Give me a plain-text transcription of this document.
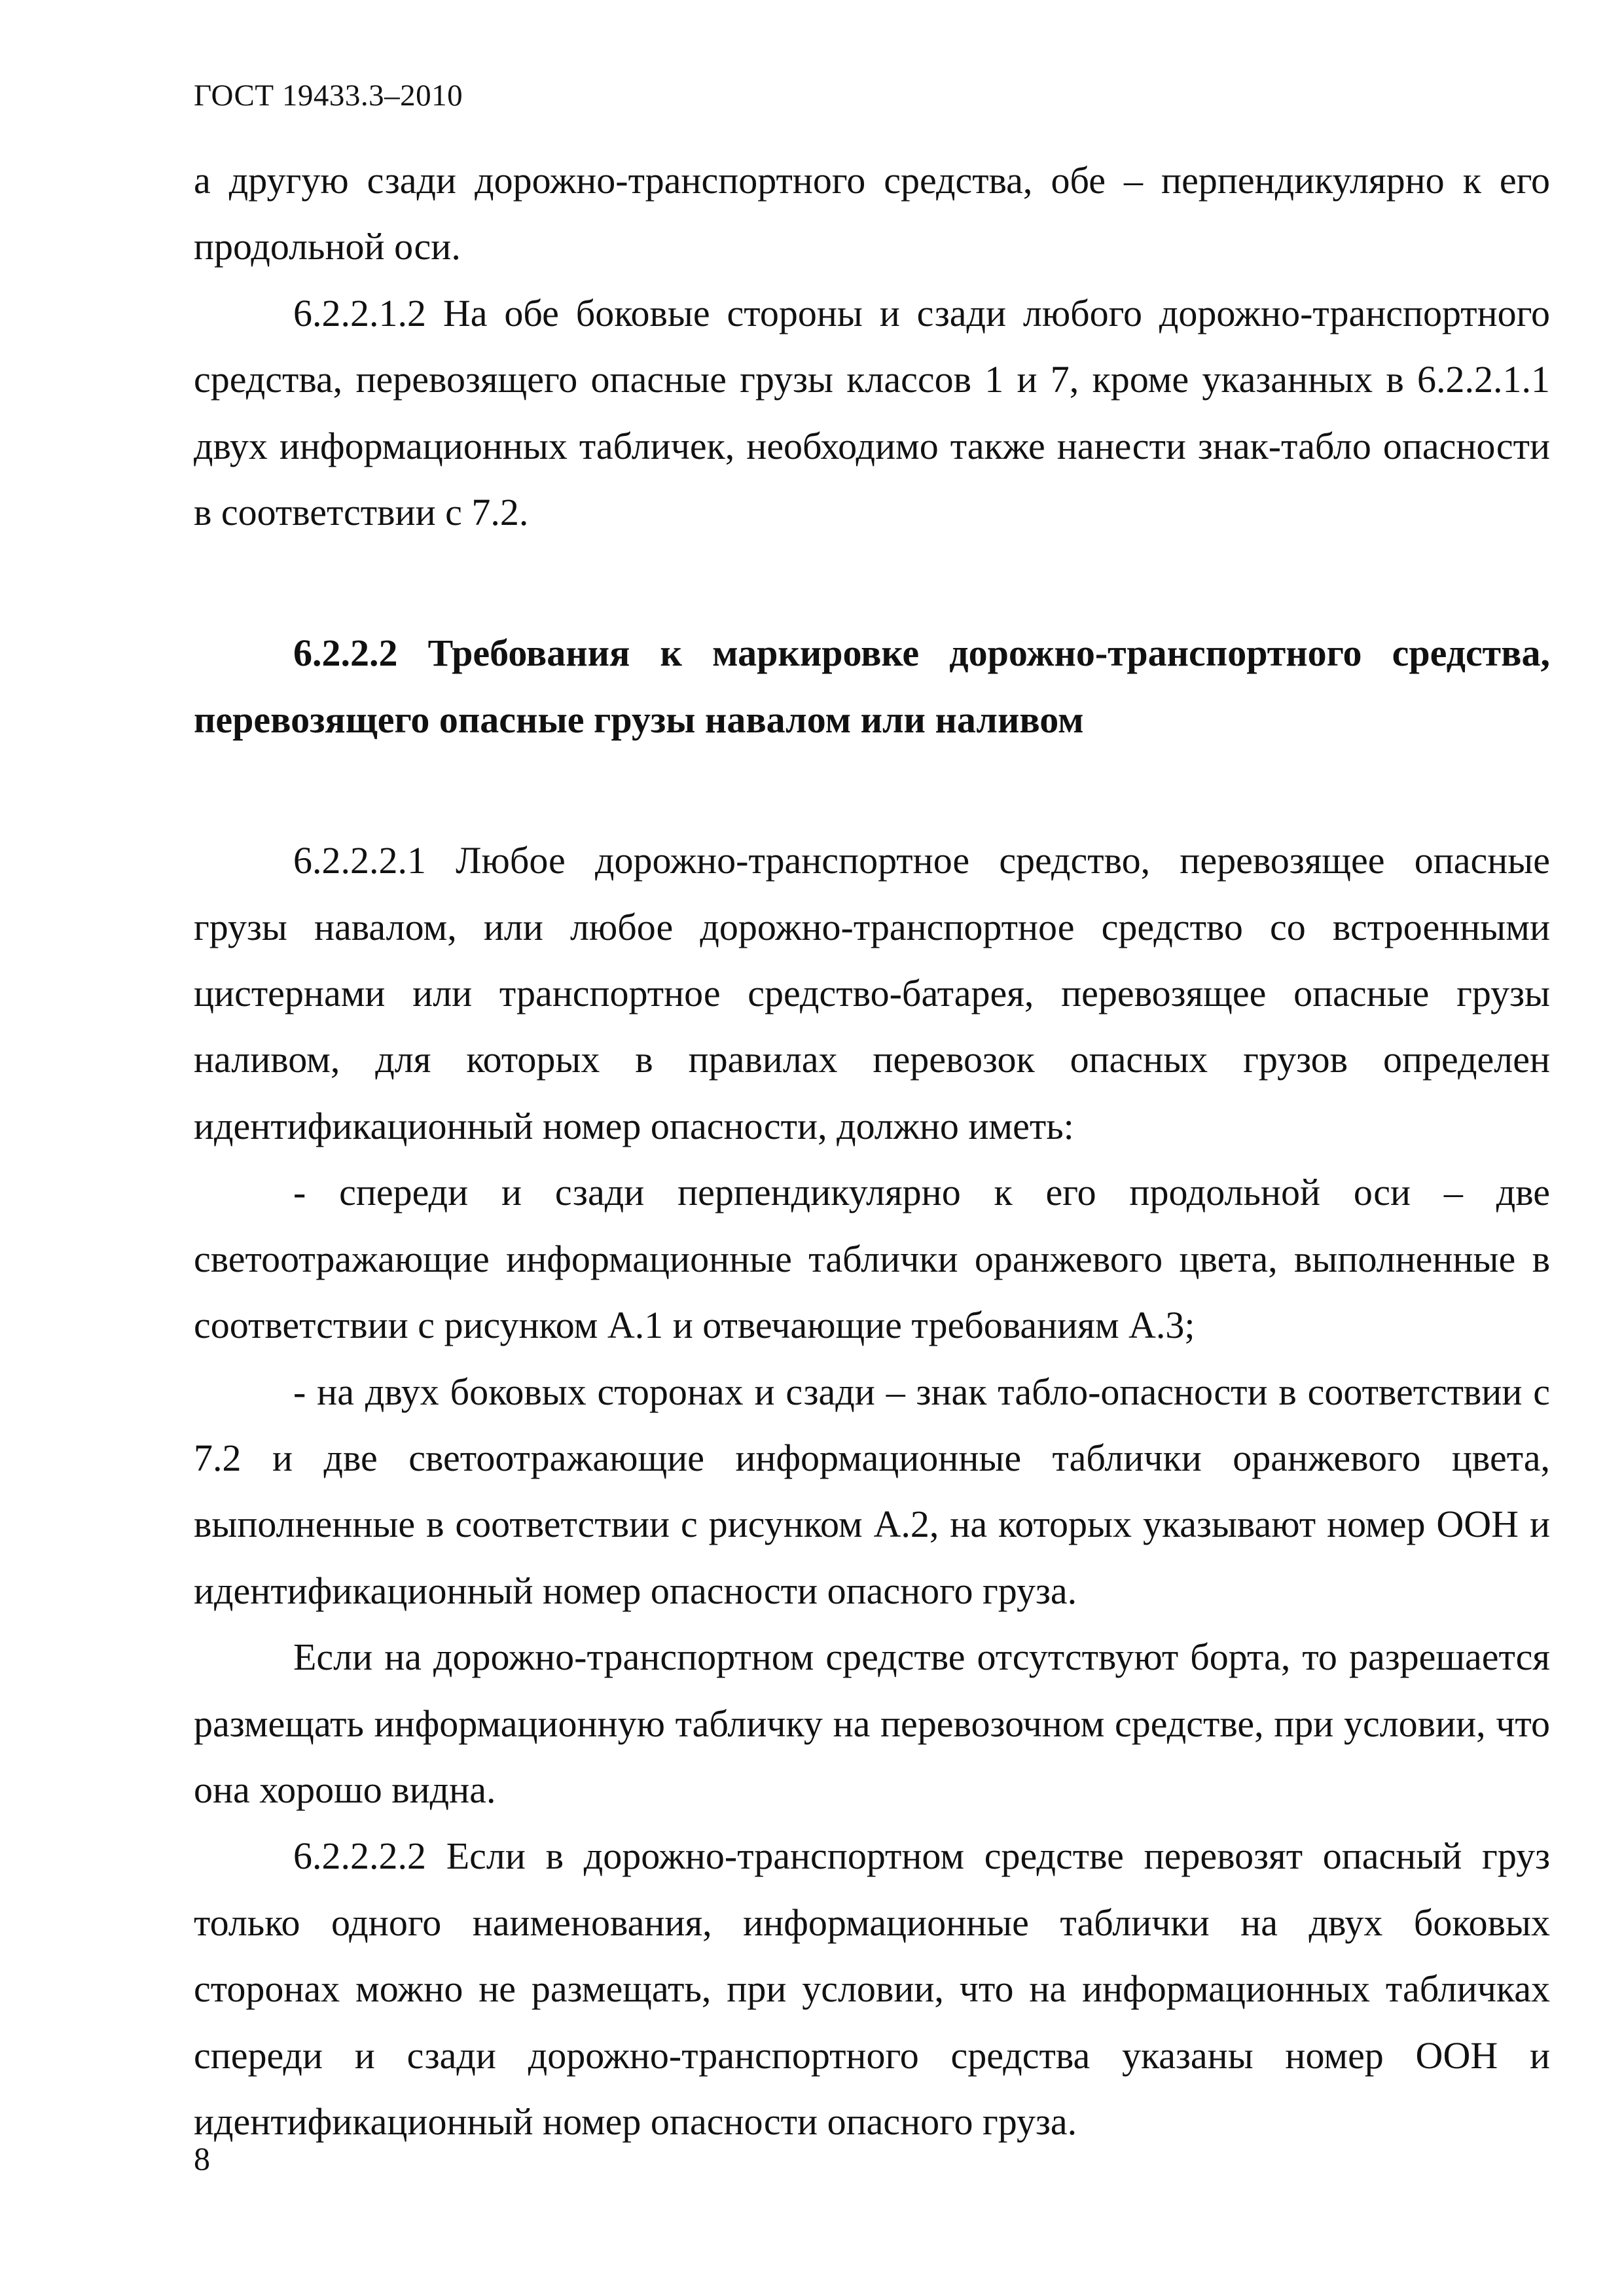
ГОСТ 19433.3–2010

а другую сзади дорожно-транспортного средства, обе – перпендикулярно к его продольной оси.

6.2.2.1.2 На обе боковые стороны и сзади любого дорожно-транспортного средства, перевозящего опасные грузы классов 1 и 7, кроме указанных в 6.2.2.1.1 двух информационных табличек, необходимо также нанести знак-табло опасности в соответствии с 7.2.

6.2.2.2 Требования к маркировке дорожно-транспортного средства, перевозящего опасные грузы навалом или наливом

6.2.2.2.1 Любое дорожно-транспортное средство, перевозящее опасные грузы навалом, или любое дорожно-транспортное средство со встроенными цистернами или транспортное средство-батарея, перевозящее опасные грузы наливом, для которых в правилах перевозок опасных грузов определен идентификационный номер опасности, должно иметь:

- спереди и сзади перпендикулярно к его продольной оси – две светоотражающие информационные таблички оранжевого цвета, выполненные в соответствии с рисунком А.1 и отвечающие требованиям А.3;

- на двух боковых сторонах и сзади – знак табло-опасности в соответствии с 7.2 и две светоотражающие информационные таблички оранжевого цвета, выполненные в соответствии с рисунком А.2, на которых указывают номер ООН и идентификационный номер опасности опасного груза.

Если на дорожно-транспортном средстве отсутствуют борта, то разрешается размещать информационную табличку на перевозочном средстве, при условии, что она хорошо видна.

6.2.2.2.2 Если в дорожно-транспортном средстве перевозят опасный груз только одного наименования, информационные таблички на двух боковых сторонах можно не размещать, при условии, что на информационных табличках спереди и сзади дорожно-транспортного средства указаны номер ООН и идентификационный номер опасности опасного груза.

8
